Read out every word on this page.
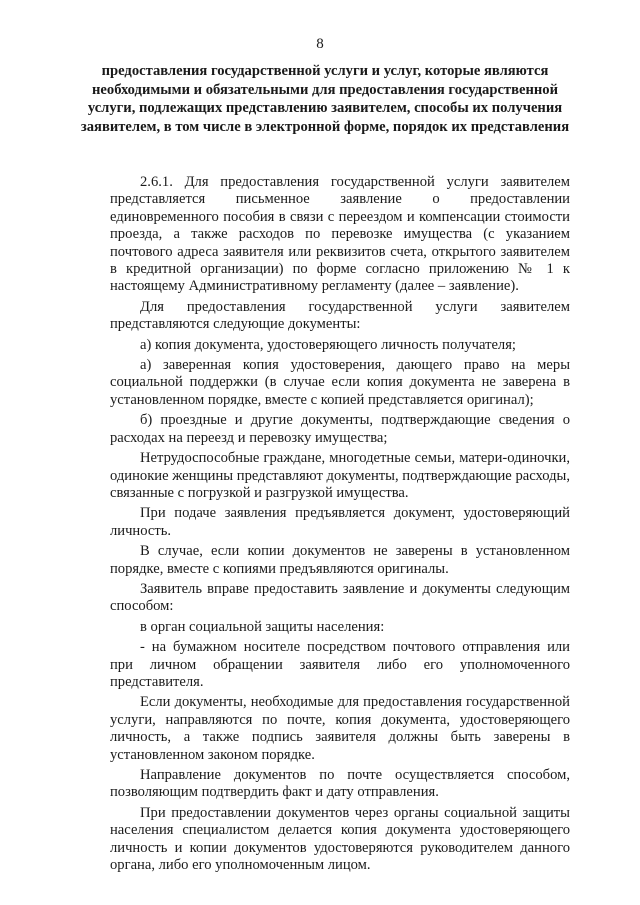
8
предоставления государственной услуги и услуг, которые являются необходимыми и обязательными для предоставления государственной услуги, подлежащих представлению заявителем, способы их получения заявителем, в том числе в электронной форме, порядок их представления

2.6.1. Для предоставления государственной услуги заявителем представляется письменное заявление о предоставлении единовременного пособия в связи с переездом и компенсации стоимости проезда, а также расходов по перевозке имущества (с указанием почтового адреса заявителя или реквизитов счета, открытого заявителем в кредитной организации) по форме согласно приложению № 1 к настоящему Административному регламенту (далее – заявление).

Для предоставления государственной услуги заявителем представляются следующие документы:

а) копия документа, удостоверяющего личность получателя;

а) заверенная копия удостоверения, дающего право на меры социальной поддержки (в случае если копия документа не заверена в установленном порядке, вместе с копией представляется оригинал);

б) проездные и другие документы, подтверждающие сведения о расходах на переезд и перевозку имущества;

Нетрудоспособные граждане, многодетные семьи, матери-одиночки, одинокие женщины представляют документы, подтверждающие расходы, связанные с погрузкой и разгрузкой имущества.

При подаче заявления предъявляется документ, удостоверяющий личность.

В случае, если копии документов не заверены в установленном порядке, вместе с копиями предъявляются оригиналы.

Заявитель вправе предоставить заявление и документы следующим способом:

в орган социальной защиты населения:

- на бумажном носителе посредством почтового отправления или при личном обращении заявителя либо его уполномоченного представителя.

Если документы, необходимые для предоставления государственной услуги, направляются по почте, копия документа, удостоверяющего личность, а также подпись заявителя должны быть заверены в установленном законом порядке.

Направление документов по почте осуществляется способом, позволяющим подтвердить факт и дату отправления.

При предоставлении документов через органы социальной защиты населения специалистом делается копия документа удостоверяющего личность и копии документов удостоверяются руководителем данного органа, либо его уполномоченным лицом.
